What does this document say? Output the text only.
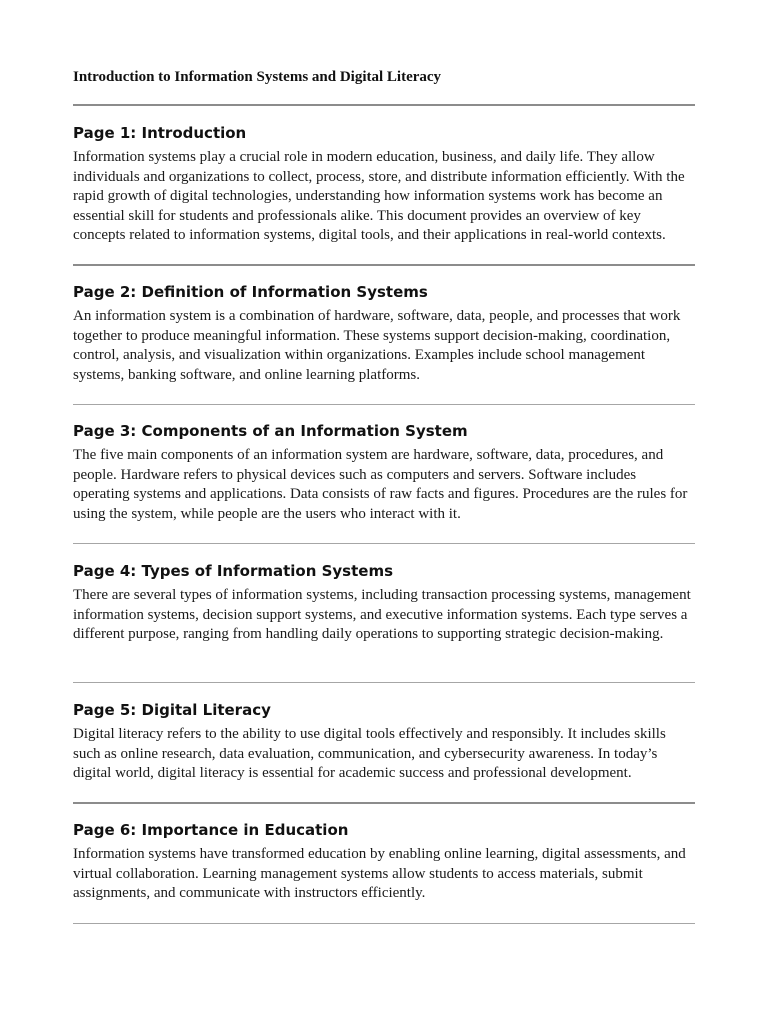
Introduction to Information Systems and Digital Literacy
Page 1: Introduction

Information systems play a crucial role in modern education, business, and daily life. They allow individuals and organizations to collect, process, store, and distribute information efficiently. With the rapid growth of digital technologies, understanding how information systems work has become an essential skill for students and professionals alike. This document provides an overview of key concepts related to information systems, digital tools, and their applications in real-world contexts.

Page 2: Definition of Information Systems

An information system is a combination of hardware, software, data, people, and processes that work together to produce meaningful information. These systems support decision-making, coordination, control, analysis, and visualization within organizations. Examples include school management systems, banking software, and online learning platforms.

Page 3: Components of an Information System

The five main components of an information system are hardware, software, data, procedures, and people. Hardware refers to physical devices such as computers and servers. Software includes operating systems and applications. Data consists of raw facts and figures. Procedures are the rules for using the system, while people are the users who interact with it.

Page 4: Types of Information Systems

There are several types of information systems, including transaction processing systems, management information systems, decision support systems, and executive information systems. Each type serves a different purpose, ranging from handling daily operations to supporting strategic decision-making.

Page 5: Digital Literacy

Digital literacy refers to the ability to use digital tools effectively and responsibly. It includes skills such as online research, data evaluation, communication, and cybersecurity awareness. In today’s digital world, digital literacy is essential for academic success and professional development.

Page 6: Importance in Education

Information systems have transformed education by enabling online learning, digital assessments, and virtual collaboration. Learning management systems allow students to access materials, submit assignments, and communicate with instructors efficiently.
